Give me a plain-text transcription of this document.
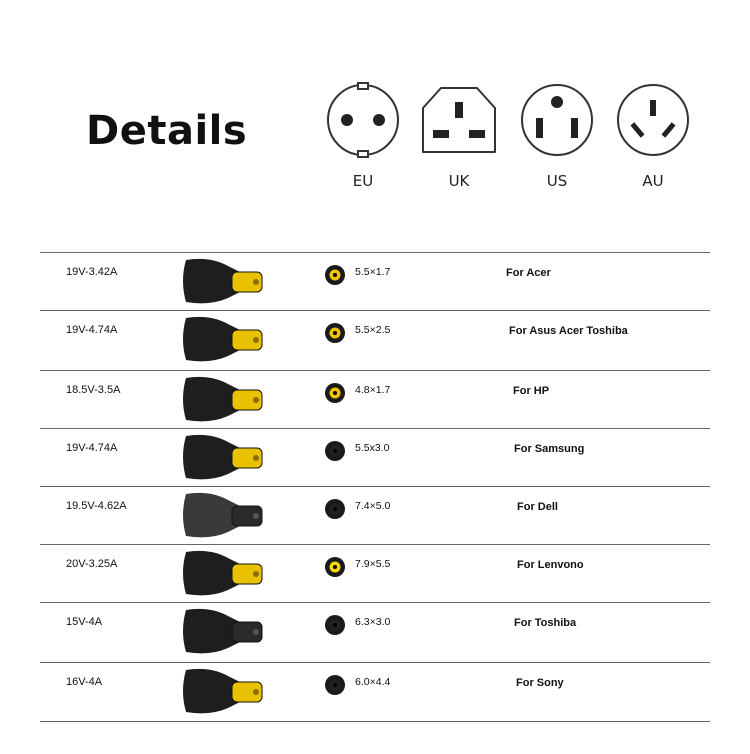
Details
EU	UK	US	AU
19V-3.42A	5.5×1.7	For Acer
19V-4.74A	5.5×2.5	For Asus Acer Toshiba
18.5V-3.5A	4.8×1.7	For HP
19V-4.74A	5.5x3.0	For Samsung
19.5V-4.62A	7.4×5.0	For Dell
20V-3.25A	7.9×5.5	For Lenvono
15V-4A	6.3×3.0	For Toshiba
16V-4A	6.0×4.4	For Sony
